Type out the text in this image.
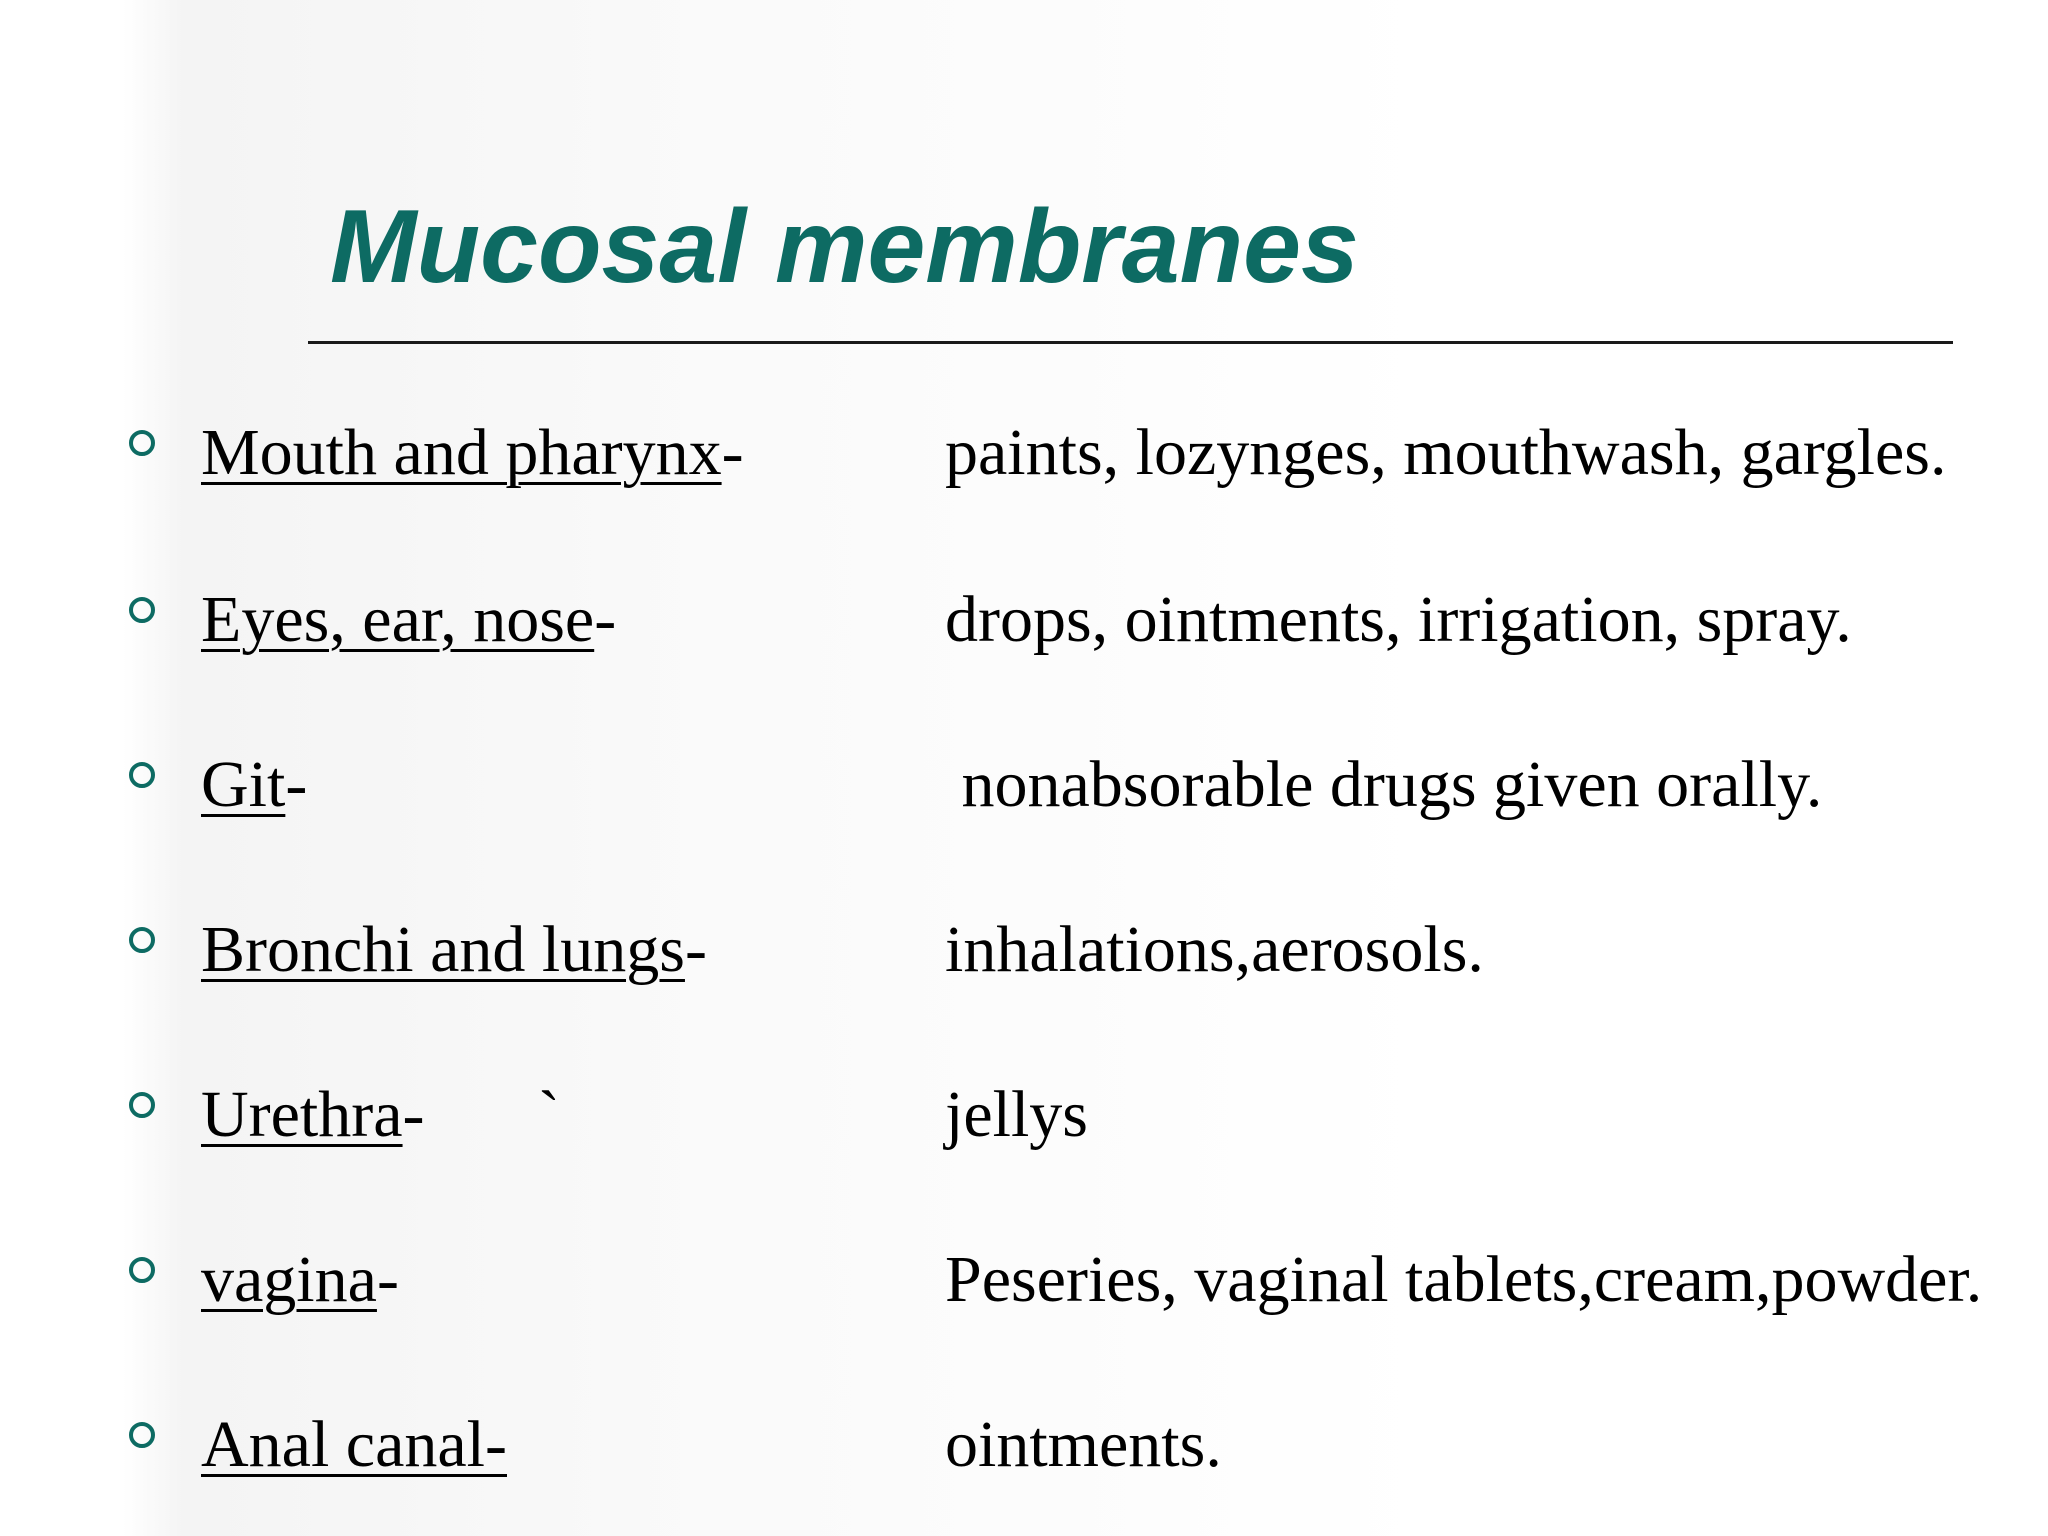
Mucosal membranes
Mouth and pharynx-	paints, lozynges, mouthwash, gargles.
Eyes, ear, nose-	drops, ointments, irrigation, spray.
Git-	nonabsorable drugs given orally.
Bronchi and lungs-	inhalations,aerosols.
Urethra- `	jellys
vagina-	Peseries, vaginal tablets,cream,powder.
Anal canal-	ointments.
